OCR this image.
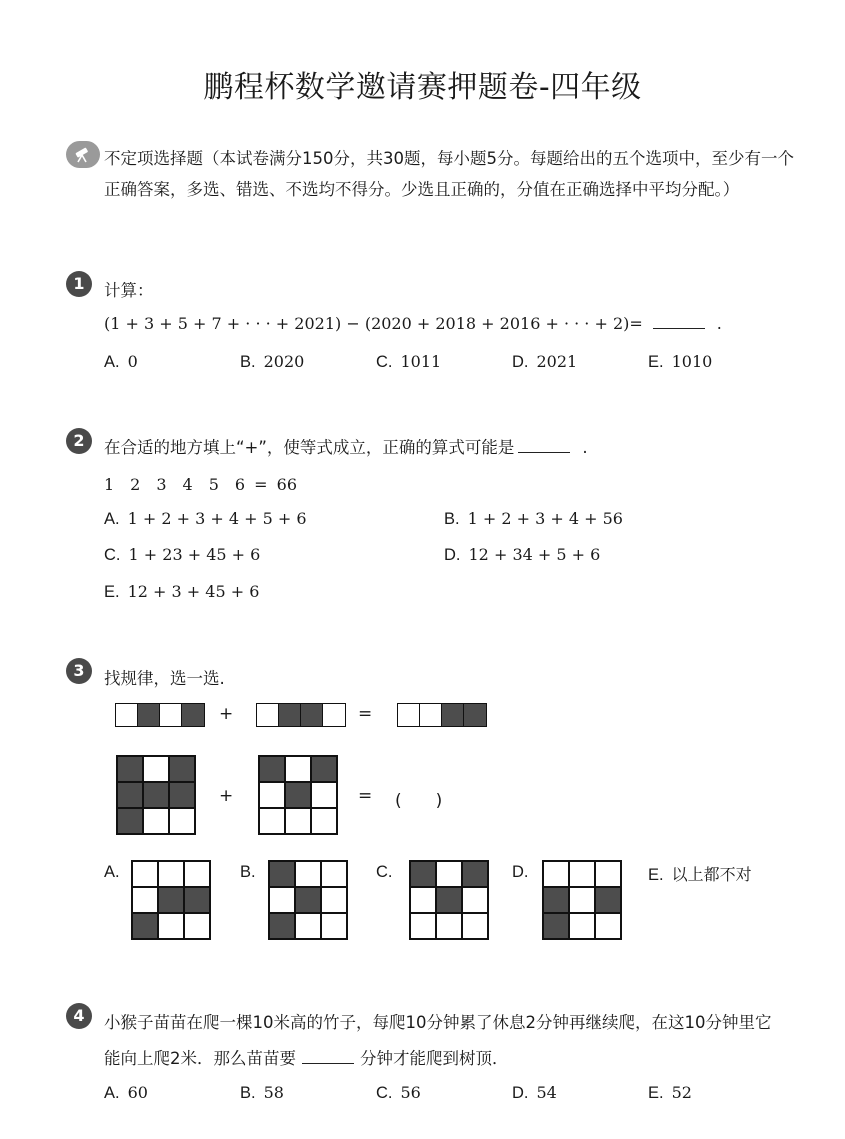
鹏程杯数学邀请赛押题卷-四年级
不定项选择题（本试卷满分150分，共30题，每小题5分。每题给出的五个选项中，至少有一个正确答案，多选、错选、不选均不得分。少选且正确的，分值在正确选择中平均分配。）
1	计算：
(1 + 3 + 5 + 7 + · · · + 2021) − (2020 + 2018 + 2016 + · · · + 2)=	.
A. 0	B. 2020	C. 1011	D. 2021	E. 1010
2	在合适的地方填上“+”，使等式成立，正确的算式可能是	.
1　2　3　4　5　6 = 66
A. 1 + 2 + 3 + 4 + 5 + 6	B. 1 + 2 + 3 + 4 + 56
C. 1 + 23 + 45 + 6	D. 12 + 34 + 5 + 6
E. 12 + 3 + 45 + 6
3	找规律，选一选.
+	=
+	= (　　)
A.	B.	C.	D.	E. 以上都不对
4	小猴子苗苗在爬一棵10米高的竹子，每爬10分钟累了休息2分钟再继续爬，在这10分钟里它
能向上爬2米．那么苗苗要	分钟才能爬到树顶．
A. 60	B. 58	C. 56	D. 54	E. 52
